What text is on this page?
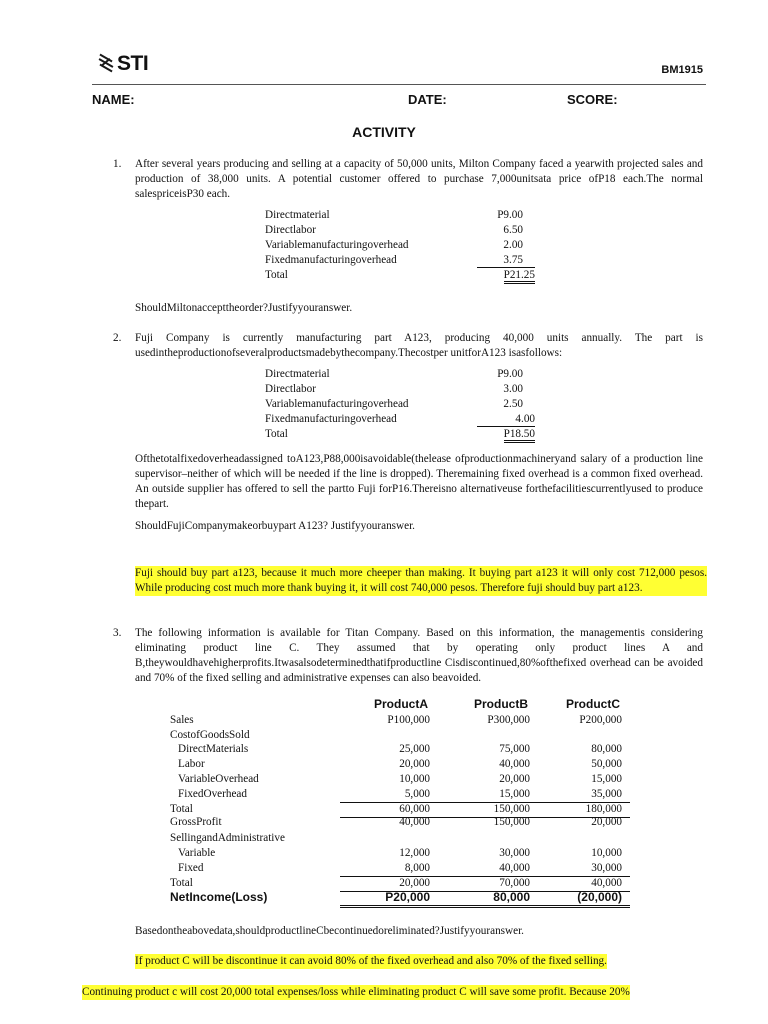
STI	BM1915
NAME:	DATE:	SCORE:
ACTIVITY
1. After several years producing and selling at a capacity of 50,000 units, Milton Company faced a yearwith projected sales and production of 38,000 units. A potential customer offered to purchase 7,000unitsata price ofP18 each.The normal salespriceisP30 each.
Directmaterial	P9.00
Directlabor	6.50
Variablemanufacturingoverhead	2.00
Fixedmanufacturingoverhead	3.75
Total	P21.25
ShouldMiltonaccepttheorder?Justifyyouranswer.
2. Fuji Company is currently manufacturing part A123, producing 40,000 units annually. The part is usedintheproductionofseveralproductsmadebythecompany.Thecostper unitforA123 isasfollows:
Directmaterial	P9.00
Directlabor	3.00
Variablemanufacturingoverhead	2.50
Fixedmanufacturingoverhead	4.00
Total	P18.50
Ofthetotalfixedoverheadassigned toA123,P88,000isavoidable(thelease ofproductionmachineryand salary of a production line supervisor–neither of which will be needed if the line is dropped). Theremaining fixed overhead is a common fixed overhead. An outside supplier has offered to sell the partto Fuji forP16.Thereisno alternativeuse forthefacilitiescurrentlyused to produce thepart.
ShouldFujiCompanymakeorbuypart A123? Justifyyouranswer.
Fuji should buy part a123, because it much more cheeper than making. It buying part a123 it will only cost 712,000 pesos. While producing cost much more thank buying it, it will cost 740,000 pesos. Therefore fuji should buy part a123.
3. The following information is available for Titan Company. Based on this information, the managementis considering eliminating product line C. They assumed that by operating only product lines A and B,theywouldhavehigherprofits.Itwasalsodeterminedthatifproductline Cisdiscontinued,80%ofthefixed overhead can be avoided and 70% of the fixed selling and administrative expenses can also beavoided.
ProductA	ProductB	ProductC
Sales	P100,000	P300,000	P200,000
CostofGoodsSold
DirectMaterials	25,000	75,000	80,000
Labor	20,000	40,000	50,000
VariableOverhead	10,000	20,000	15,000
FixedOverhead	5,000	15,000	35,000
Total	60,000	150,000	180,000
GrossProfit	40,000	150,000	20,000
SellingandAdministrative
Variable	12,000	30,000	10,000
Fixed	8,000	40,000	30,000
Total	20,000	70,000	40,000
NetIncome(Loss)	P20,000	80,000	(20,000)
Basedontheabovedata,shouldproductlineCbecontinuedoreliminated?Justifyyouranswer.
If product C will be discontinue it can avoid 80% of the fixed overhead and also 70% of the fixed selling.
Continuing product c will cost 20,000 total expenses/loss while eliminating product C will save some profit. Because 20%
